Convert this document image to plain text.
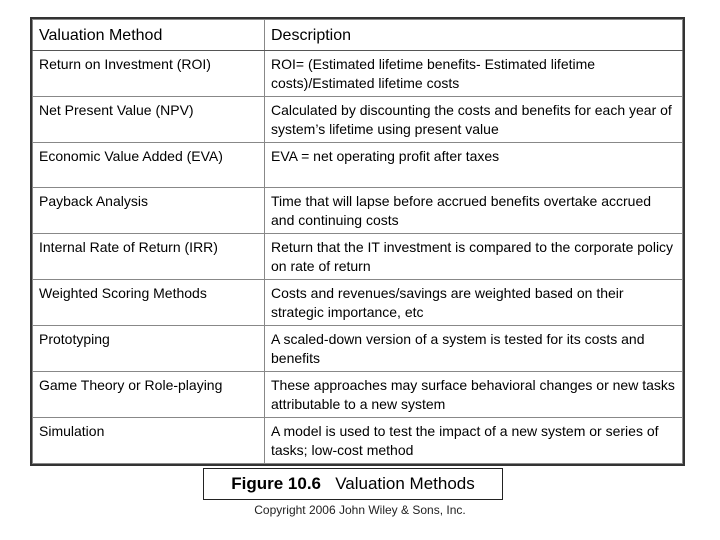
Valuation Method	Description
Return on Investment (ROI)	ROI= (Estimated lifetime benefits- Estimated lifetime costs)/Estimated lifetime costs
Net Present Value (NPV)	Calculated by discounting the costs and benefits for each year of system’s lifetime using present value
Economic Value Added (EVA)	EVA = net operating profit after taxes
Payback Analysis	Time that will lapse before accrued benefits overtake accrued and continuing costs
Internal Rate of Return (IRR)	Return that the IT investment is compared to the corporate policy on rate of return
Weighted Scoring Methods	Costs and revenues/savings are weighted based on their strategic importance, etc
Prototyping	A scaled-down version of a system is tested for its costs and benefits
Game Theory or Role-playing	These approaches may surface behavioral changes or new tasks attributable to a new system
Simulation	A model is used to test the impact of a new system or series of tasks; low-cost method
Figure 10.6 Valuation Methods
Copyright 2006 John Wiley & Sons, Inc.
